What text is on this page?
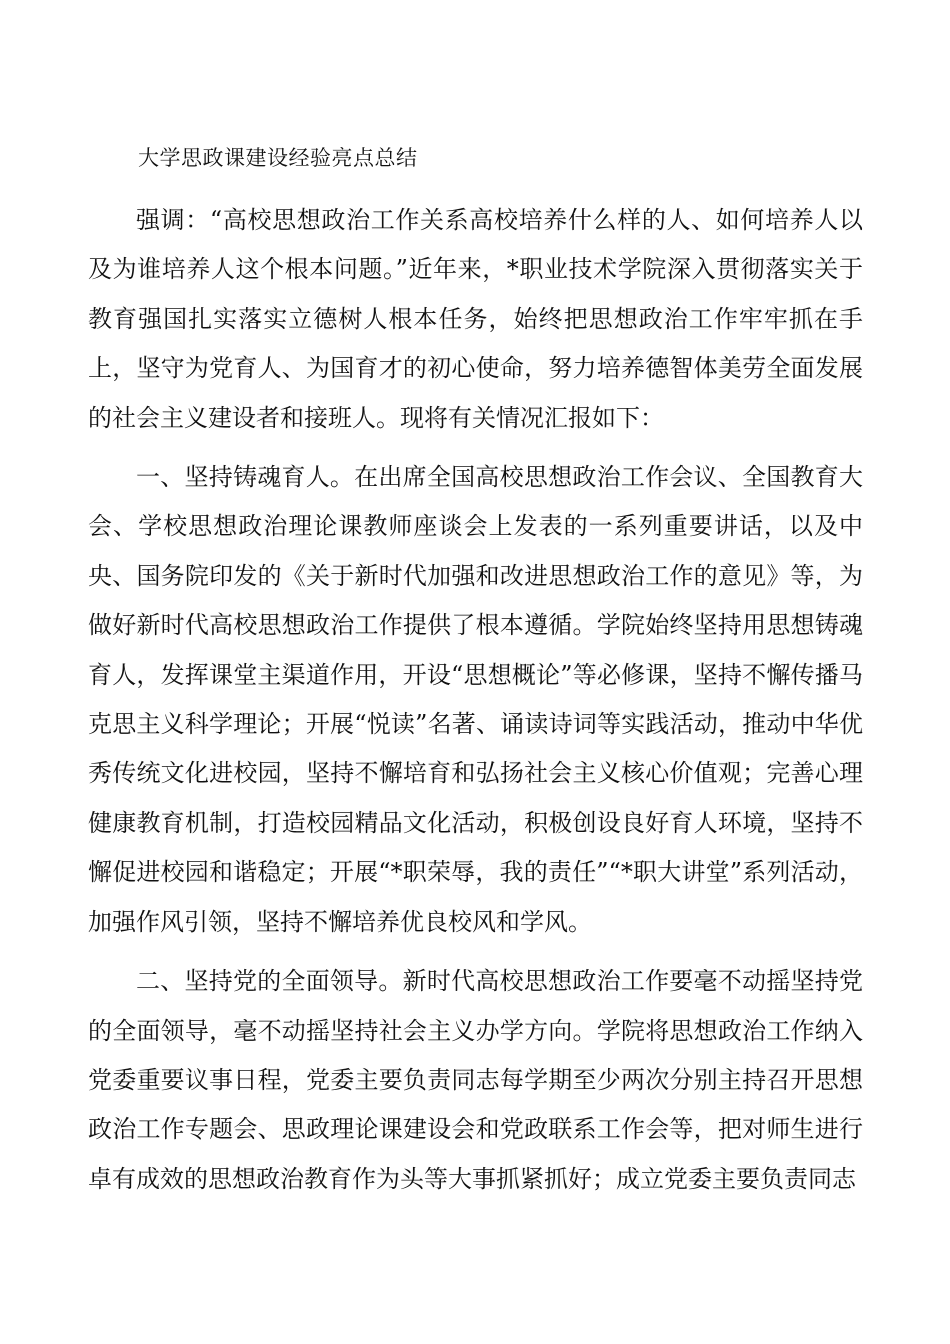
大学思政课建设经验亮点总结

强调：“高校思想政治工作关系高校培养什么样的人、如何培养人以及为谁培养人这个根本问题。”近年来，*职业技术学院深入贯彻落实关于教育强国扎实落实立德树人根本任务，始终把思想政治工作牢牢抓在手上，坚守为党育人、为国育才的初心使命，努力培养德智体美劳全面发展的社会主义建设者和接班人。现将有关情况汇报如下：

一、坚持铸魂育人。在出席全国高校思想政治工作会议、全国教育大会、学校思想政治理论课教师座谈会上发表的一系列重要讲话，以及中央、国务院印发的《关于新时代加强和改进思想政治工作的意见》等，为做好新时代高校思想政治工作提供了根本遵循。学院始终坚持用思想铸魂育人，发挥课堂主渠道作用，开设“思想概论”等必修课，坚持不懈传播马克思主义科学理论；开展“悦读”名著、诵读诗词等实践活动，推动中华优秀传统文化进校园，坚持不懈培育和弘扬社会主义核心价值观；完善心理健康教育机制，打造校园精品文化活动，积极创设良好育人环境，坚持不懈促进校园和谐稳定；开展“*职荣辱，我的责任”“*职大讲堂”系列活动，加强作风引领，坚持不懈培养优良校风和学风。

二、坚持党的全面领导。新时代高校思想政治工作要毫不动摇坚持党的全面领导，毫不动摇坚持社会主义办学方向。学院将思想政治工作纳入党委重要议事日程，党委主要负责同志每学期至少两次分别主持召开思想政治工作专题会、思政理论课建设会和党政联系工作会等，把对师生进行卓有成效的思想政治教育作为头等大事抓紧抓好；成立党委主要负责同志
